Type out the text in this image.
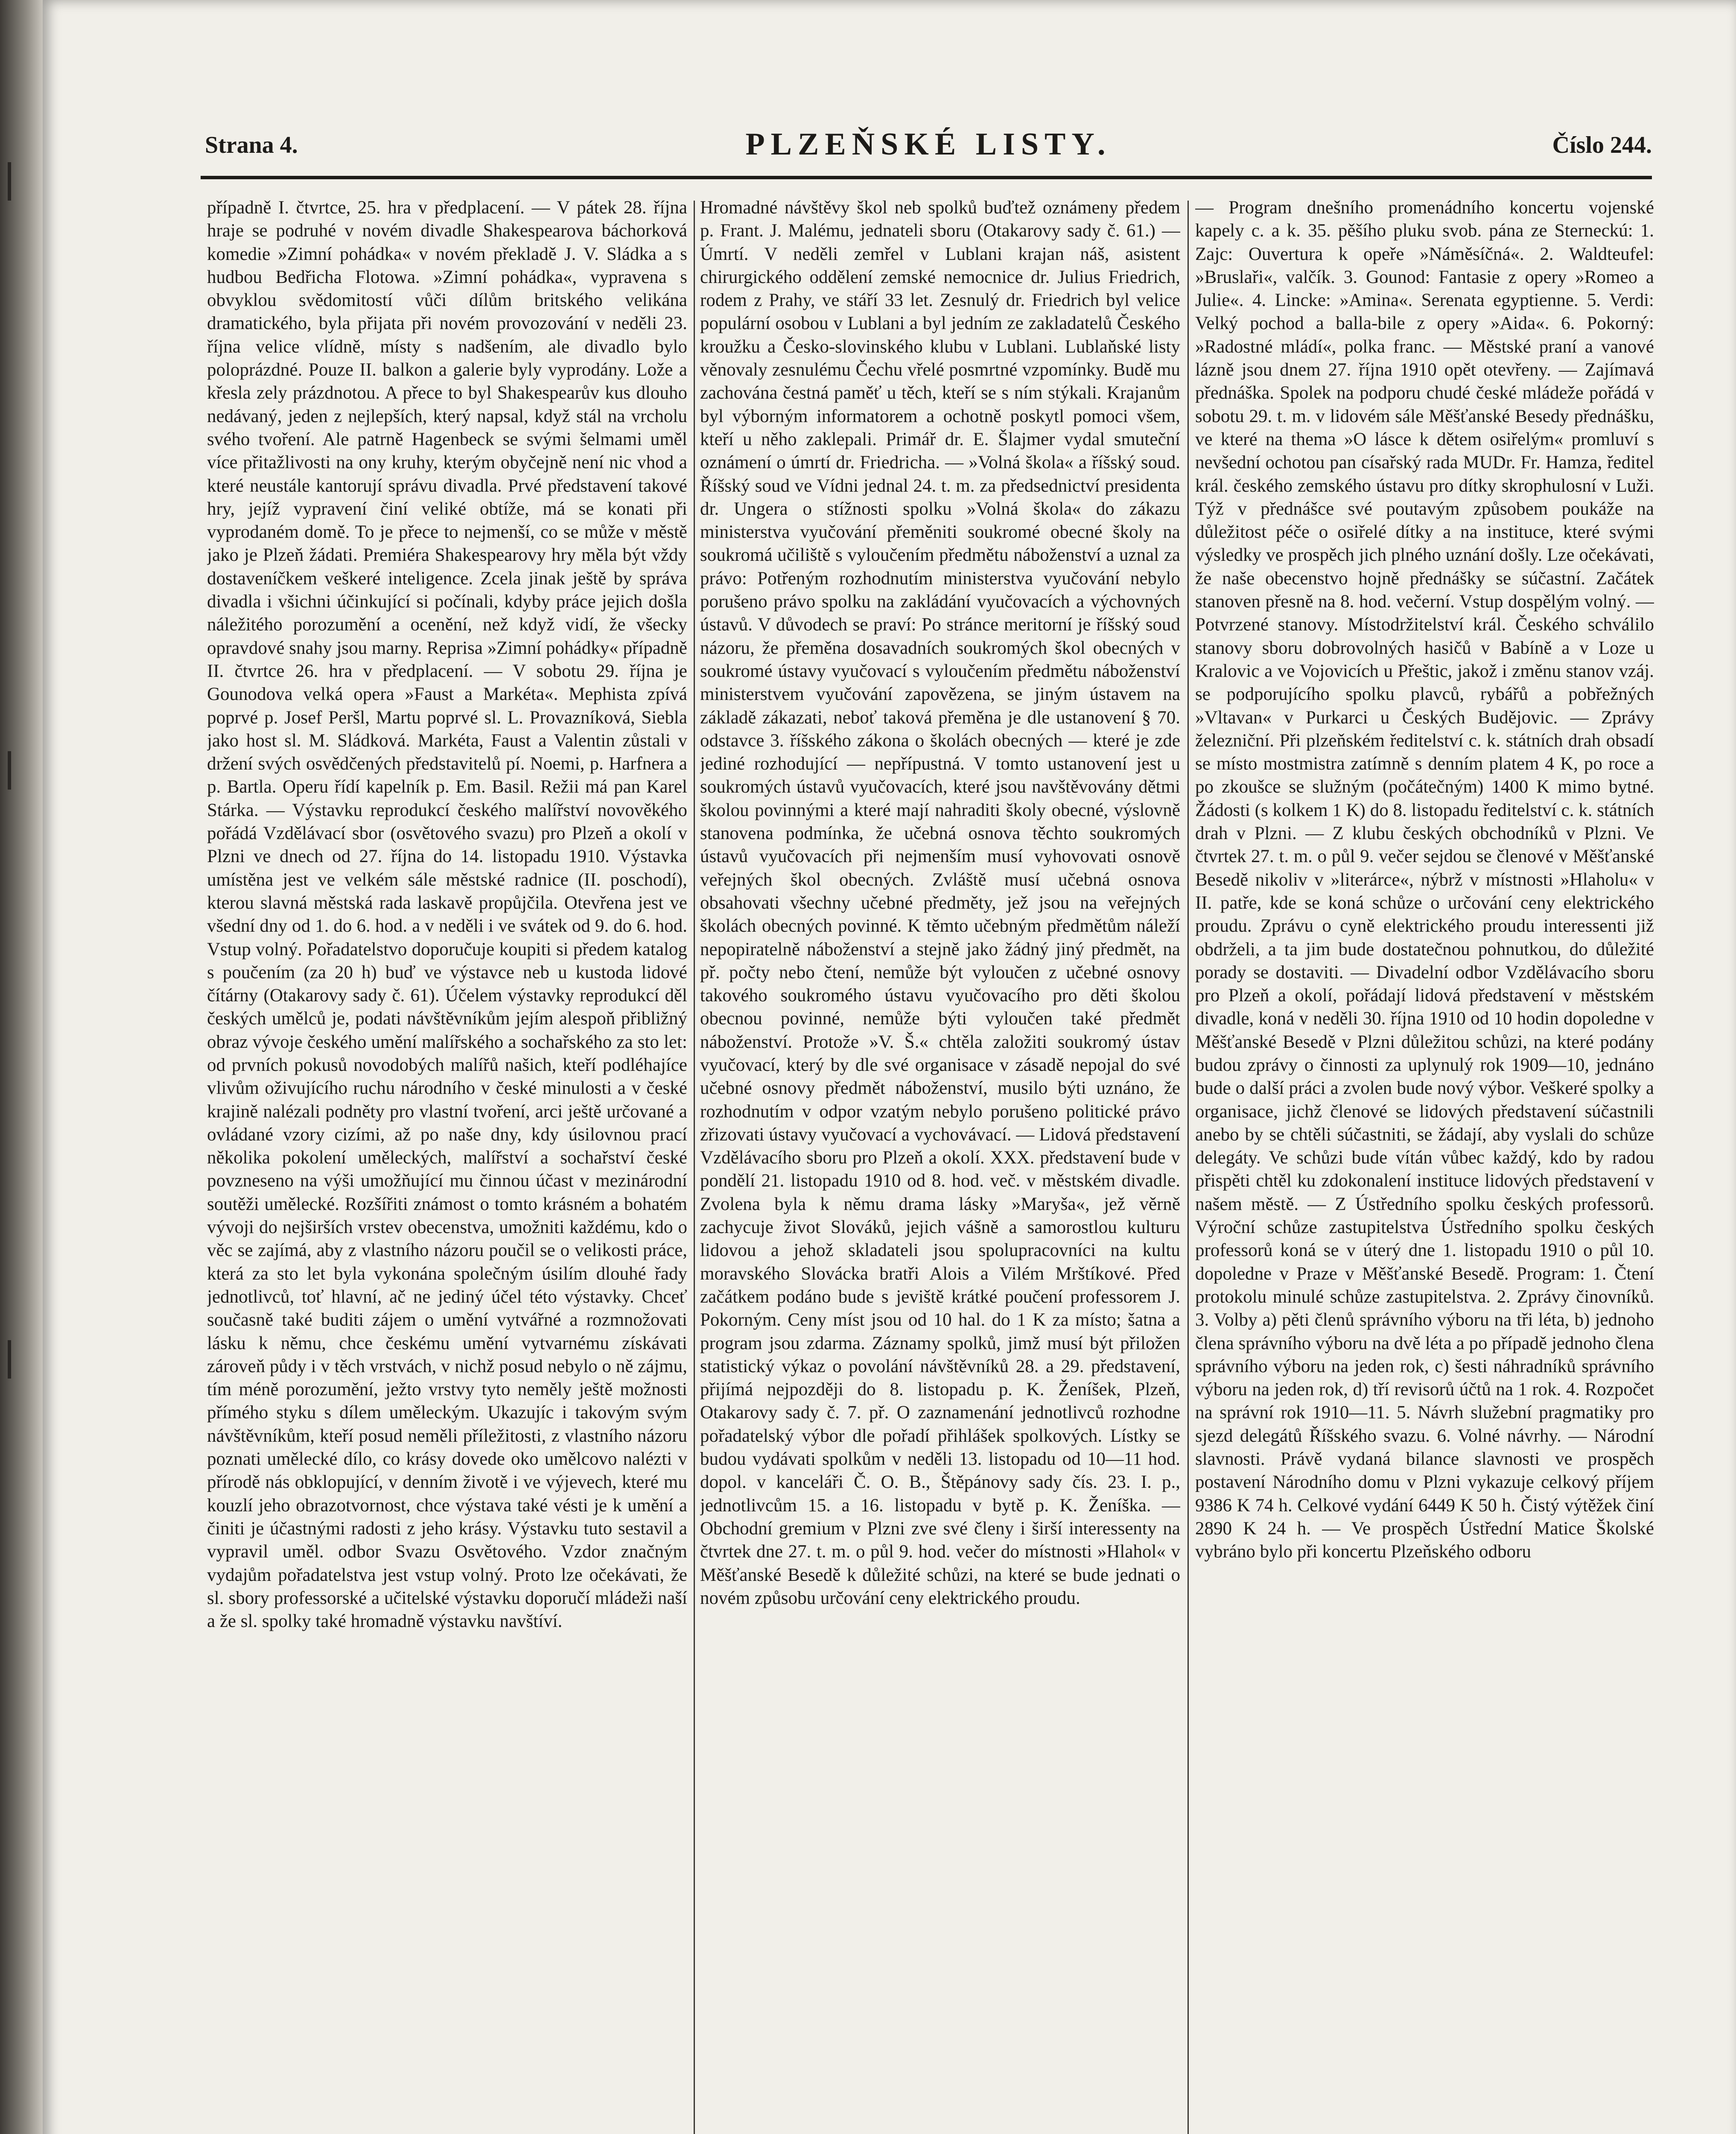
Strana 4.	PLZEŇSKÉ LISTY.	Číslo 244.

případně I. čtvrtce, 25. hra v předplacení. — V pátek 28. října hraje se podruhé v novém divadle Shakespearova báchorková komedie »Zimní pohádka« v novém překladě J. V. Sládka a s hudbou Bedřicha Flotowa. »Zimní pohádka«, vypravena s obvyklou svědomitostí vůči dílům britského velikána dramatického, byla přijata při novém provozování v neděli 23. října velice vlídně, místy s nadšením, ale divadlo bylo poloprázdné. Pouze II. balkon a galerie byly vyprodány. Lože a křesla zely prázdnotou. A přece to byl Shakespearův kus dlouho nedávaný, jeden z nejlepších, který napsal, když stál na vrcholu svého tvoření. Ale patrně Hagenbeck se svými šelmami uměl více přitažlivosti na ony kruhy, kterým obyčejně není nic vhod a které neustále kantorují správu divadla. Prvé představení takové hry, jejíž vypravení činí veliké obtíže, má se konati při vyprodaném domě. To je přece to nejmenší, co se může v městě jako je Plzeň žádati. Premiéra Shakespearovy hry měla být vždy dostaveníčkem veškeré inteligence. Zcela jinak ještě by správa divadla i všichni účinkující si počínali, kdyby práce jejich došla náležitého porozumění a ocenění, než když vidí, že všecky opravdové snahy jsou marny. Reprisa »Zimní pohádky« případně II. čtvrtce 26. hra v předplacení. — V sobotu 29. října je Gounodova velká opera »Faust a Markéta«. Mephista zpívá poprvé p. Josef Peršl, Martu poprvé sl. L. Provazníková, Siebla jako host sl. M. Sládková. Markéta, Faust a Valentin zůstali v držení svých osvědčených představitelů pí. Noemi, p. Harfnera a p. Bartla. Operu řídí kapelník p. Em. Basil. Režii má pan Karel Stárka. — Výstavku reprodukcí českého malířství novověkého pořádá Vzdělávací sbor (osvětového svazu) pro Plzeň a okolí v Plzni ve dnech od 27. října do 14. listopadu 1910. Výstavka umístěna jest ve velkém sále městské radnice (II. poschodí), kterou slavná městská rada laskavě propůjčila. Otevřena jest ve všední dny od 1. do 6. hod. a v neděli i ve svátek od 9. do 6. hod. Vstup volný. Pořadatelstvo doporučuje koupiti si předem katalog s poučením (za 20 h) buď ve výstavce neb u kustoda lidové čítárny (Otakarovy sady č. 61). Účelem výstavky reprodukcí děl českých umělců je, podati návštěvníkům jejím alespoň přibližný obraz vývoje českého umění malířského a sochařského za sto let: od prvních pokusů novodobých malířů našich, kteří podléhajíce vlivům oživujícího ruchu národního v české minulosti a v české krajině nalézali podněty pro vlastní tvoření, arci ještě určované a ovládané vzory cizími, až po naše dny, kdy úsilovnou prací několika pokolení uměleckých, malířství a sochařství české povzneseno na výši umožňující mu činnou účast v mezinárodní soutěži umělecké. Rozšířiti známost o tomto krásném a bohatém vývoji do nejširších vrstev obecenstva, umožniti každému, kdo o věc se zajímá, aby z vlastního názoru poučil se o velikosti práce, která za sto let byla vykonána společným úsilím dlouhé řady jednotlivců, toť hlavní, ač ne jediný účel této výstavky. Chceť současně také buditi zájem o umění vytvářné a rozmnožovati lásku k němu, chce českému umění vytvarnému získávati zároveň půdy i v těch vrstvách, v nichž posud nebylo o ně zájmu, tím méně porozumění, ježto vrstvy tyto neměly ještě možnosti přímého styku s dílem uměleckým. Ukazujíc i takovým svým návštěvníkům, kteří posud neměli příležitosti, z vlastního názoru poznati umělecké dílo, co krásy dovede oko umělcovo nalézti v přírodě nás obklopující, v denním životě i ve výjevech, které mu kouzlí jeho obrazotvornost, chce výstava také vésti je k umění a činiti je účastnými radosti z jeho krásy. Výstavku tuto sestavil a vypravil uměl. odbor Svazu Osvětového. Vzdor značným vydajům pořadatelstva jest vstup volný. Proto lze očekávati, že sl. sbory professorské a učitelské výstavku doporučí mládeži naší a že sl. spolky také hromadně výstavku navštíví.

Hromadné návštěvy škol neb spolků buďtež oznámeny předem p. Frant. J. Malému, jednateli sboru (Otakarovy sady č. 61.) — Úmrtí. V neděli zemřel v Lublani krajan náš, asistent chirurgického oddělení zemské nemocnice dr. Julius Friedrich, rodem z Prahy, ve stáří 33 let. Zesnulý dr. Friedrich byl velice populární osobou v Lublani a byl jedním ze zakladatelů Českého kroužku a Česko-slovinského klubu v Lublani. Lublaňské listy věnovaly zesnulému Čechu vřelé posmrtné vzpomínky. Budě mu zachována čestná paměť u těch, kteří se s ním stýkali. Krajanům byl výborným informatorem a ochotně poskytl pomoci všem, kteří u něho zaklepali. Primář dr. E. Šlajmer vydal smuteční oznámení o úmrtí dr. Friedricha. — »Volná škola« a říšský soud. Říšský soud ve Vídni jednal 24. t. m. za předsednictví presidenta dr. Ungera o stížnosti spolku »Volná škola« do zákazu ministerstva vyučování přeměniti soukromé obecné školy na soukromá učiliště s vyloučením předmětu náboženství a uznal za právo: Potřeným rozhodnutím ministerstva vyučování nebylo porušeno právo spolku na zakládání vyučovacích a výchovných ústavů. V důvodech se praví: Po stránce meritorní je říšský soud názoru, že přeměna dosavadních soukromých škol obecných v soukromé ústavy vyučovací s vyloučením předmětu náboženství ministerstvem vyučování zapovězena, se jiným ústavem na základě zákazati, neboť taková přeměna je dle ustanovení § 70. odstavce 3. říšského zákona o školách obecných — které je zde jediné rozhodující — nepřípustná. V tomto ustanovení jest u soukromých ústavů vyučovacích, které jsou navštěvovány dětmi školou povinnými a které mají nahraditi školy obecné, výslovně stanovena podmínka, že učebná osnova těchto soukromých ústavů vyučovacích při nejmenším musí vyhovovati osnově veřejných škol obecných. Zvláště musí učebná osnova obsahovati všechny učebné předměty, jež jsou na veřejných školách obecných povinné. K těmto učebným předmětům náleží nepopiratelně náboženství a stejně jako žádný jiný předmět, na př. počty nebo čtení, nemůže být vyloučen z učebné osnovy takového soukromého ústavu vyučovacího pro děti školou obecnou povinné, nemůže býti vyloučen také předmět náboženství. Protože »V. Š.« chtěla založiti soukromý ústav vyučovací, který by dle své organisace v zásadě nepojal do své učebné osnovy předmět náboženství, musilo býti uznáno, že rozhodnutím v odpor vzatým nebylo porušeno politické právo zřizovati ústavy vyučovací a vychovávací. — Lidová představení Vzdělávacího sboru pro Plzeň a okolí. XXX. představení bude v pondělí 21. listopadu 1910 od 8. hod. več. v městském divadle. Zvolena byla k němu drama lásky »Maryša«, jež věrně zachycuje život Slováků, jejich vášně a samorostlou kulturu lidovou a jehož skladateli jsou spolupracovníci na kultu moravského Slovácka bratři Alois a Vilém Mrštíkové. Před začátkem podáno bude s jeviště krátké poučení professorem J. Pokorným. Ceny míst jsou od 10 hal. do 1 K za místo; šatna a program jsou zdarma. Záznamy spolků, jimž musí být přiložen statistický výkaz o povolání návštěvníků 28. a 29. představení, přijímá nejpozději do 8. listopadu p. K. Ženíšek, Plzeň, Otakarovy sady č. 7. př. O zaznamenání jednotlivců rozhodne pořadatelský výbor dle pořadí přihlášek spolkových. Lístky se budou vydávati spolkům v neděli 13. listopadu od 10—11 hod. dopol. v kanceláři Č. O. B., Štěpánovy sady čís. 23. I. p., jednotlivcům 15. a 16. listopadu v bytě p. K. Ženíška. — Obchodní gremium v Plzni zve své členy i širší interessenty na čtvrtek dne 27. t. m. o půl 9. hod. večer do místnosti »Hlahol« v Měšťanské Besedě k důležité schůzi, na které se bude jednati o novém způsobu určování ceny elektrického proudu.

— Program dnešního promenádního koncertu vojenské kapely c. a k. 35. pěšího pluku svob. pána ze Sterneckú: 1. Zajc: Ouvertura k opeře »Náměsíčná«. 2. Waldteufel: »Bruslaři«, valčík. 3. Gounod: Fantasie z opery »Romeo a Julie«. 4. Lincke: »Amina«. Serenata egyptienne. 5. Verdi: Velký pochod a balla-bile z opery »Aida«. 6. Pokorný: »Radostné mládí«, polka franc. — Městské praní a vanové lázně jsou dnem 27. října 1910 opět otevřeny. — Zajímavá přednáška. Spolek na podporu chudé české mládeže pořádá v sobotu 29. t. m. v lidovém sále Měšťanské Besedy přednášku, ve které na thema »O lásce k dětem osiřelým« promluví s nevšední ochotou pan císařský rada MUDr. Fr. Hamza, ředitel král. českého zemského ústavu pro dítky skrophulosní v Luži. Týž v přednášce své poutavým způsobem poukáže na důležitost péče o osiřelé dítky a na instituce, které svými výsledky ve prospěch jich plného uznání došly. Lze očekávati, že naše obecenstvo hojně přednášky se súčastní. Začátek stanoven přesně na 8. hod. večerní. Vstup dospělým volný. — Potvrzené stanovy. Místodržitelství král. Českého schválilo stanovy sboru dobrovolných hasičů v Babíně a v Loze u Kralovic a ve Vojovicích u Přeštic, jakož i změnu stanov vzáj. se podporujícího spolku plavců, rybářů a pobřežných »Vltavan« v Purkarci u Českých Budějovic. — Zprávy železniční. Při plzeňském ředitelství c. k. státních drah obsadí se místo mostmistra zatímně s denním platem 4 K, po roce a po zkoušce se služným (počátečným) 1400 K mimo bytné. Žádosti (s kolkem 1 K) do 8. listopadu ředitelství c. k. státních drah v Plzni. — Z klubu českých obchodníků v Plzni. Ve čtvrtek 27. t. m. o půl 9. večer sejdou se členové v Měšťanské Besedě nikoliv v »literárce«, nýbrž v místnosti »Hlaholu« v II. patře, kde se koná schůze o určování ceny elektrického proudu. Zprávu o cyně elektrického proudu interessenti již obdrželi, a ta jim bude dostatečnou pohnutkou, do důležité porady se dostaviti. — Divadelní odbor Vzdělávacího sboru pro Plzeň a okolí, pořádají lidová představení v městském divadle, koná v neděli 30. října 1910 od 10 hodin dopoledne v Měšťanské Besedě v Plzni důležitou schůzi, na které podány budou zprávy o činnosti za uplynulý rok 1909—10, jednáno bude o další práci a zvolen bude nový výbor. Veškeré spolky a organisace, jichž členové se lidových představení súčastnili anebo by se chtěli súčastniti, se žádají, aby vyslali do schůze delegáty. Ve schůzi bude vítán vůbec každý, kdo by radou přispěti chtěl ku zdokonalení instituce lidových představení v našem městě. — Z Ústředního spolku českých professorů. Výroční schůze zastupitelstva Ústředního spolku českých professorů koná se v úterý dne 1. listopadu 1910 o půl 10. dopoledne v Praze v Měšťanské Besedě. Program: 1. Čtení protokolu minulé schůze zastupitelstva. 2. Zprávy činovníků. 3. Volby a) pěti členů správního výboru na tři léta, b) jednoho člena správního výboru na dvě léta a po případě jednoho člena správního výboru na jeden rok, c) šesti náhradníků správního výboru na jeden rok, d) tří revisorů účtů na 1 rok. 4. Rozpočet na správní rok 1910—11. 5. Návrh služební pragmatiky pro sjezd delegátů Říšského svazu. 6. Volné návrhy. — Národní slavnosti. Právě vydaná bilance slavnosti ve prospěch postavení Národního domu v Plzni vykazuje celkový příjem 9386 K 74 h. Celkové vydání 6449 K 50 h. Čistý výtěžek činí 2890 K 24 h. — Ve prospěch Ústřední Matice Školské vybráno bylo při koncertu Plzeňského odboru
